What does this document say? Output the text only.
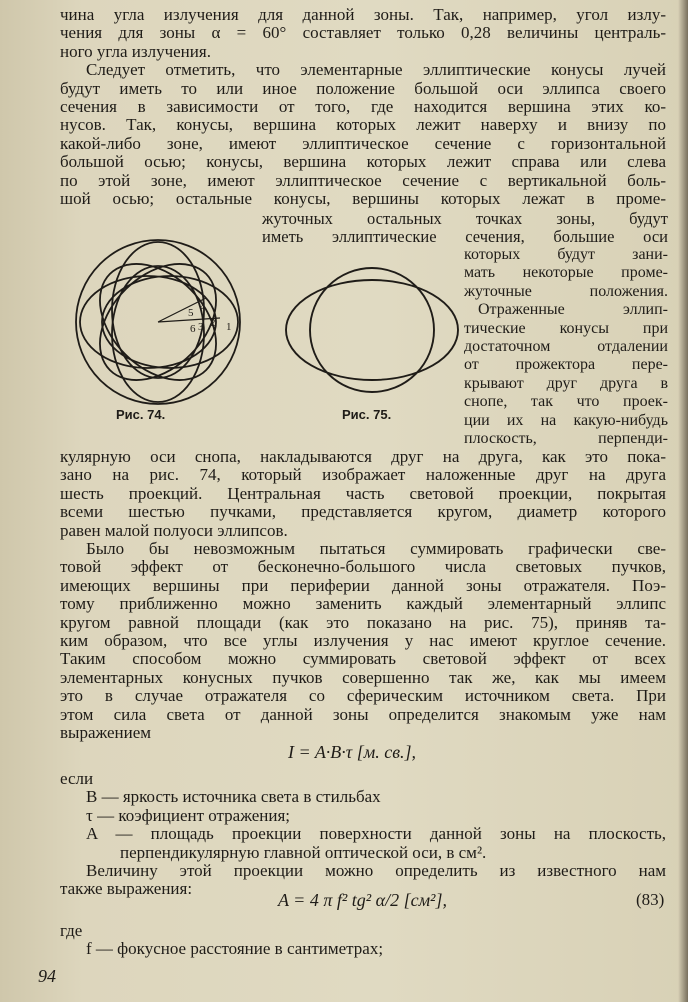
чина угла излучения для данной зоны. Так, например, угол излу-
чения для зоны α = 60° составляет только 0,28 величины централь-
ного угла излучения.
Следует отметить, что элементарные эллиптические конусы лучей
будут иметь то или иное положение большой оси эллипса своего
сечения в зависимости от того, где находится вершина этих ко-
нусов. Так, конусы, вершина которых лежит наверху и внизу по
какой-либо зоне, имеют эллиптическое сечение с горизонтальной
большой осью; конусы, вершина которых лежит справа или слева
по этой зоне, имеют эллиптическое сечение с вертикальной боль-
шой осью; остальные конусы, вершины которых лежат в проме-
жуточных остальных точках зоны, будут
иметь эллиптические сечения, большие оси
которых будут зани-
мать некоторые проме-
жуточные положения.
Отраженные эллип-
тические конусы при
достаточном отдалении
от прожектора пере-
крывают друг друга в
снопе, так что проек-
ции их на какую-нибудь
плоскость, перпенди-
4
2 1
5
3
6
Рис. 74.	Рис. 75.
кулярную оси снопа, накладываются друг на друга, как это пока-
зано на рис. 74, который изображает наложенные друг на друга
шесть проекций. Центральная часть световой проекции, покрытая
всеми шестью пучками, представляется кругом, диаметр которого
равен малой полуоси эллипсов.
Было бы невозможным пытаться суммировать графически све-
товой эффект от бесконечно-большого числа световых пучков,
имеющих вершины при периферии данной зоны отражателя. Поэ-
тому приближенно можно заменить каждый элементарный эллипс
кругом равной площади (как это показано на рис. 75), приняв та-
ким образом, что все углы излучения у нас имеют круглое сечение.
Таким способом можно суммировать световой эффект от всех
элементарных конусных пучков совершенно так же, как мы имеем
это в случае отражателя со сферическим источником света. При
этом сила света от данной зоны определится знакомым уже нам
выражением
I = A·B·τ [м. св.],
если
B — яркость источника света в стильбах
τ — коэфициент отражения;
A — площадь проекции поверхности данной зоны на плоскость,
перпендикулярную главной оптической оси, в см².
Величину этой проекции можно определить из известного нам
также выражения:
A = 4 π f² tg² α/2 [см²],	(83)
где
f — фокусное расстояние в сантиметрах;
94
